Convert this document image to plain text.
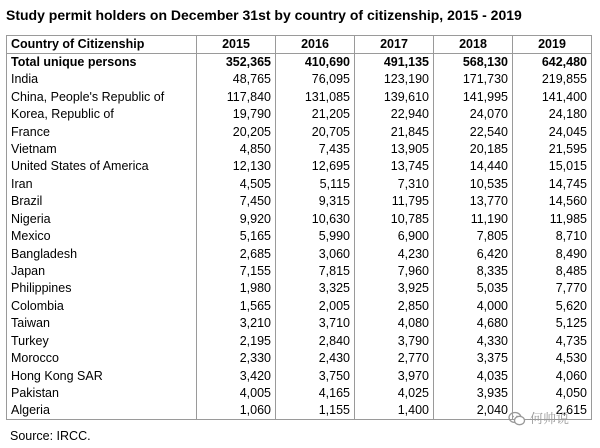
Study permit holders on December 31st by country of citizenship, 2015 - 2019
Country of Citizenship	2015	2016	2017	2018	2019
Total unique persons	352,365	410,690	491,135	568,130	642,480
India	48,765	76,095	123,190	171,730	219,855
China, People's Republic of	117,840	131,085	139,610	141,995	141,400
Korea, Republic of	19,790	21,205	22,940	24,070	24,180
France	20,205	20,705	21,845	22,540	24,045
Vietnam	4,850	7,435	13,905	20,185	21,595
United States of America	12,130	12,695	13,745	14,440	15,015
Iran	4,505	5,115	7,310	10,535	14,745
Brazil	7,450	9,315	11,795	13,770	14,560
Nigeria	9,920	10,630	10,785	11,190	11,985
Mexico	5,165	5,990	6,900	7,805	8,710
Bangladesh	2,685	3,060	4,230	6,420	8,490
Japan	7,155	7,815	7,960	8,335	8,485
Philippines	1,980	3,325	3,925	5,035	7,770
Colombia	1,565	2,005	2,850	4,000	5,620
Taiwan	3,210	3,710	4,080	4,680	5,125
Turkey	2,195	2,840	3,790	4,330	4,735
Morocco	2,330	2,430	2,770	3,375	4,530
Hong Kong SAR	3,420	3,750	3,970	4,035	4,060
Pakistan	4,005	4,165	4,025	3,935	4,050
Algeria	1,060	1,155	1,400	2,040	2,615
Source: IRCC.
何帅说
